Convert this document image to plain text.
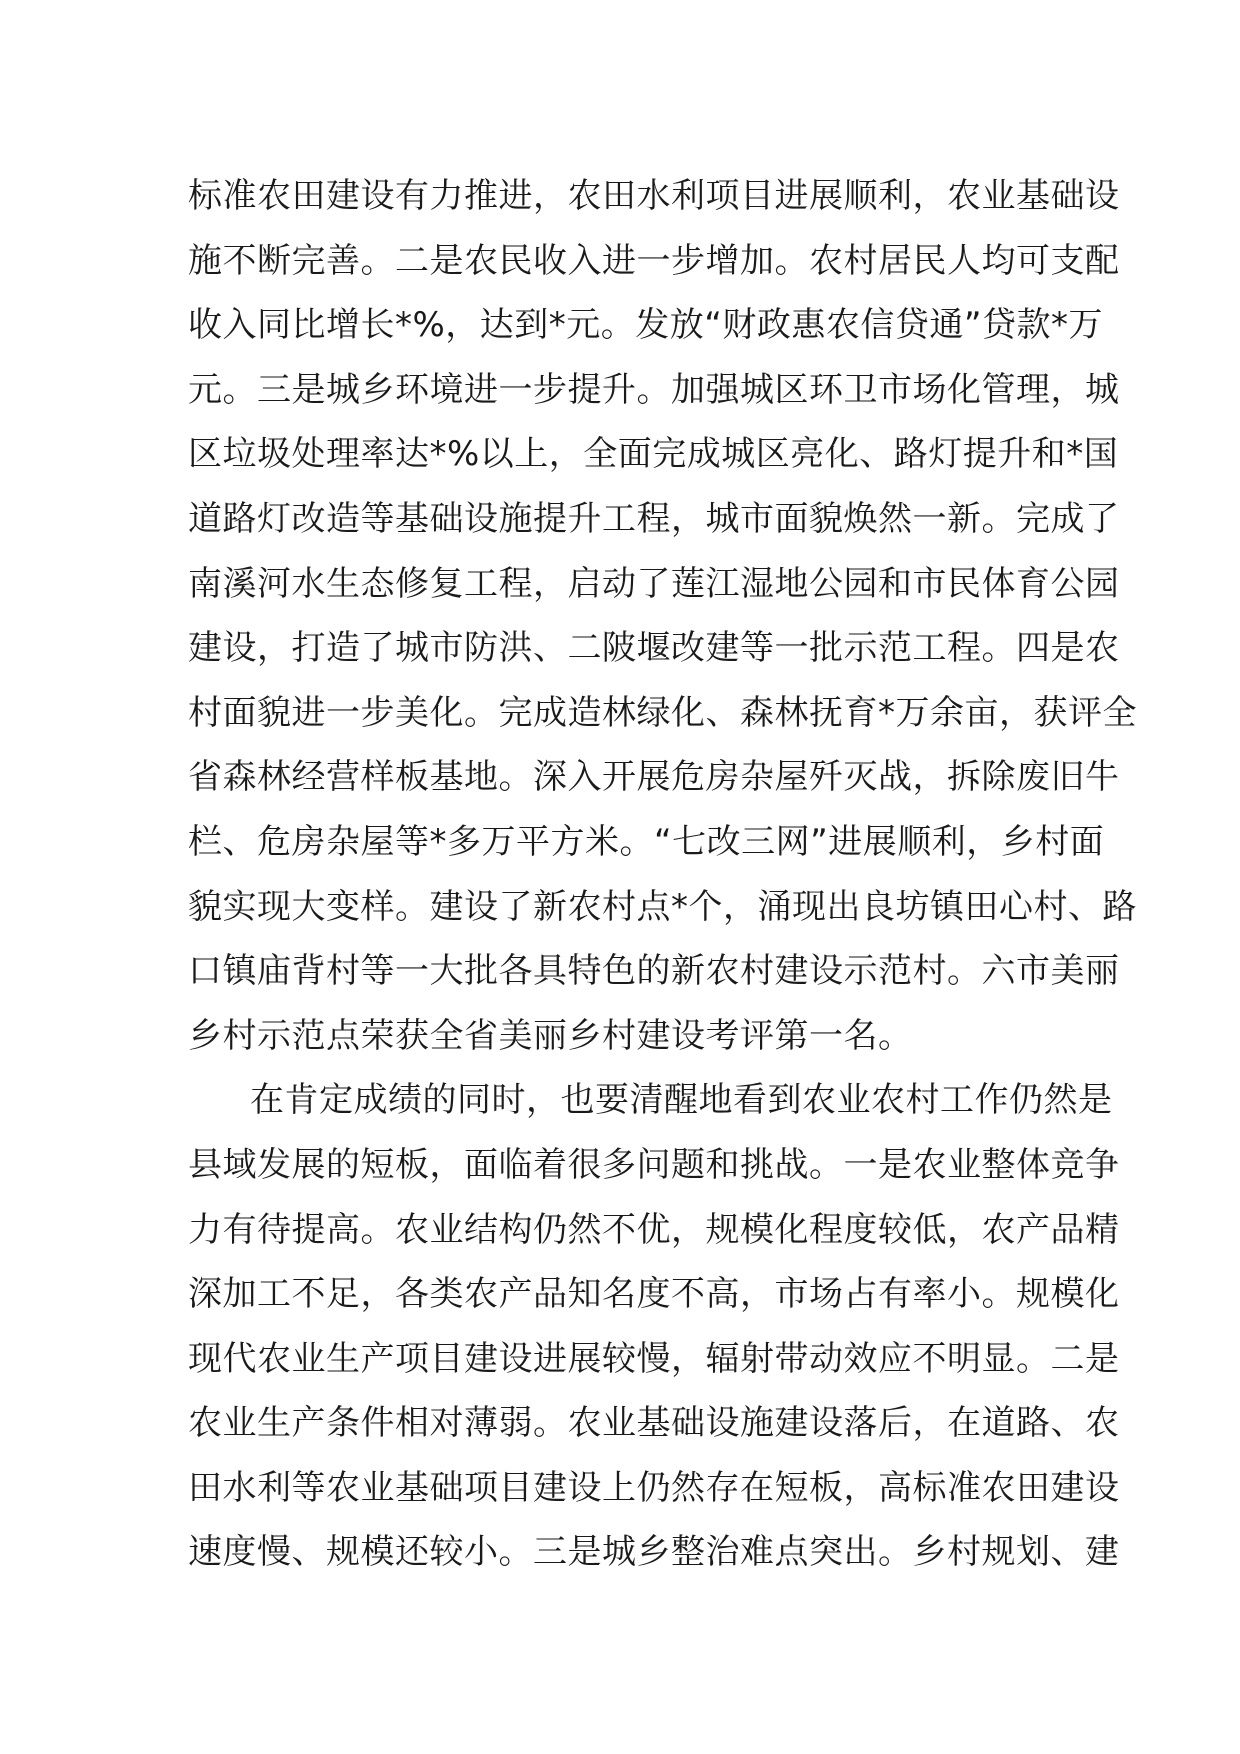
标准农田建设有力推进，农田水利项目进展顺利，农业基础设
施不断完善。二是农民收入进一步增加。农村居民人均可支配
收入同比增长*%，达到*元。发放“财政惠农信贷通”贷款*万
元。三是城乡环境进一步提升。加强城区环卫市场化管理，城
区垃圾处理率达*%以上，全面完成城区亮化、路灯提升和*国
道路灯改造等基础设施提升工程，城市面貌焕然一新。完成了
南溪河水生态修复工程，启动了莲江湿地公园和市民体育公园
建设，打造了城市防洪、二陂堰改建等一批示范工程。四是农
村面貌进一步美化。完成造林绿化、森林抚育*万余亩，获评全
省森林经营样板基地。深入开展危房杂屋歼灭战，拆除废旧牛
栏、危房杂屋等*多万平方米。“七改三网”进展顺利，乡村面
貌实现大变样。建设了新农村点*个，涌现出良坊镇田心村、路
口镇庙背村等一大批各具特色的新农村建设示范村。六市美丽
乡村示范点荣获全省美丽乡村建设考评第一名。
在肯定成绩的同时，也要清醒地看到农业农村工作仍然是
县域发展的短板，面临着很多问题和挑战。一是农业整体竞争
力有待提高。农业结构仍然不优，规模化程度较低，农产品精
深加工不足，各类农产品知名度不高，市场占有率小。规模化
现代农业生产项目建设进展较慢，辐射带动效应不明显。二是
农业生产条件相对薄弱。农业基础设施建设落后，在道路、农
田水利等农业基础项目建设上仍然存在短板，高标准农田建设
速度慢、规模还较小。三是城乡整治难点突出。乡村规划、建
